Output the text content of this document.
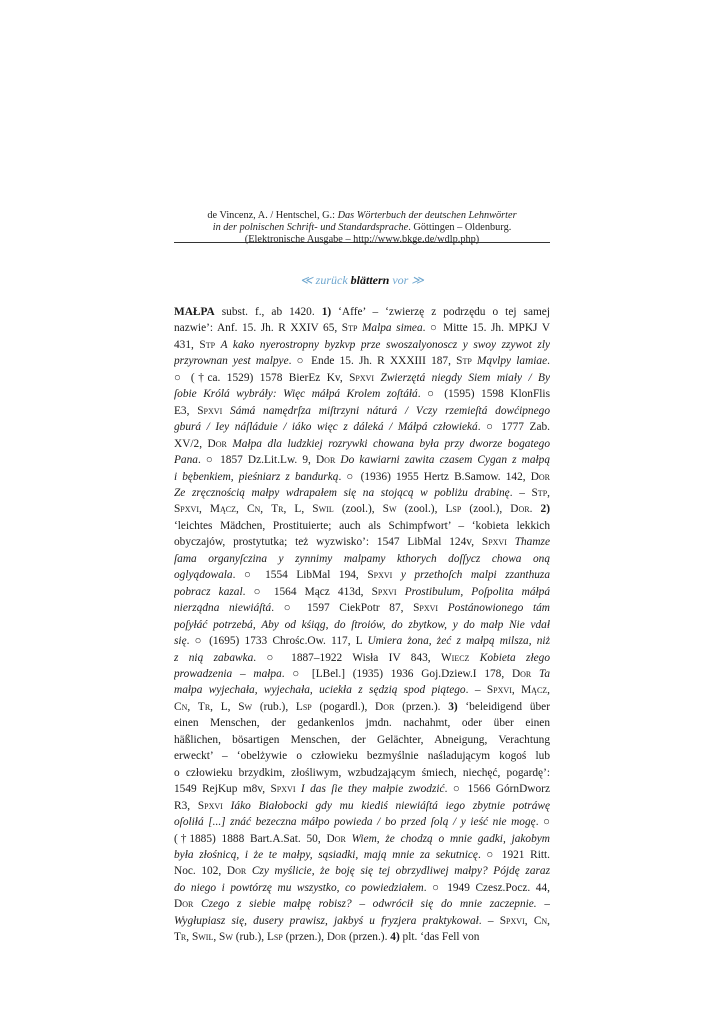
de Vincenz, A. / Hentschel, G.: Das Wörterbuch der deutschen Lehnwörter
in der polnischen Schrift- und Standardsprache. Göttingen – Oldenburg.
(Elektronische Ausgabe – http://www.bkge.de/wdlp.php)
≪ zurück blättern vor ≫
MAŁPA subst. f., ab 1420. 1) ‘Affe’ – ‘zwierzę z podrzędu o tej samej
nazwie’: Anf. 15. Jh. R XXIV 65, Stp Malpa simea. ○ Mitte 15. Jh. MPKJ V
431, Stp A kako nyerostropny byzkvp prze swoszalyonoscz y swoy zzywot zly
przyrownan yest malpye. ○ Ende 15. Jh. R XXXIII 187, Stp Mąvlpy lamiae.
○ (†ca. 1529) 1578 BierEz Kv, Spxvi Zwierzętá niegdy Siem miały / By
ſobie Królá wybráły: Więc máłpá Krolem zoſtáłá. ○ (1595) 1598 KlonFlis
E3, Spxvi Sámá namędrſza miſtrzyni náturá / Vczy rzemieſtá dowćipnego
gburá / Iey náſláduie / iáko więc z dáleká / Máłpá człowieká. ○ 1777 Zab.
XV/2, Dor Małpa dla ludzkiej rozrywki chowana była przy dworze bogatego
Pana. ○ 1857 Dz.Lit.Lw. 9, Dor Do kawiarni zawita czasem Cygan z małpą
i bębenkiem, pieśniarz z bandurką. ○ (1936) 1955 Hertz B.Samow. 142, Dor
Ze zręcznością małpy wdrapałem się na stojącą w pobliżu drabinę. – Stp,
Spxvi, Mącz, Cn, Tr, L, Swil (zool.), Sw (zool.), Lsp (zool.), Dor. 2)
‘leichtes Mädchen, Prostituierte; auch als Schimpfwort’ – ‘kobieta lekkich
obyczajów, prostytutka; też wyzwisko’: 1547 LibMal 124v, Spxvi Thamze
ſama organyſczina y zynnimy malpamy kthorych doſſycz chowa oną
oglyądowala. ○ 1554 LibMal 194, Spxvi y przethoſch malpi zzanthuza
pobracz kazal. ○ 1564 Mącz 413d, Spxvi Prostibulum, Poſpolita máłpá
nierządna niewiáſtá. ○ 1597 CiekPotr 87, Spxvi Postánowionego tám
poſyłáć potrzebá, Aby od kśiąg, do ſtroiów, do zbytkow, y do małp Nie vdał
się. ○ (1695) 1733 Chrośc.Ow. 117, L Umiera żona, żeć z małpą milsza, niż
z nią zabawka. ○ 1887–1922 Wisła IV 843, Wiecz Kobieta złego
prowadzenia – małpa. ○ [LBel.] (1935) 1936 Goj.Dziew.I 178, Dor Ta
małpa wyjechała, wyjechała, uciekła z sędzią spod piątego. – Spxvi, Mącz,
Cn, Tr, L, Sw (rub.), Lsp (pogardl.), Dor (przen.). 3) ‘beleidigend über
einen Menschen, der gedankenlos jmdn. nachahmt, oder über einen
häßlichen, bösartigen Menschen, der Gelächter, Abneigung, Verachtung
erweckt’ – ‘obelżywie o człowieku bezmyślnie naśladującym kogoś lub
o człowieku brzydkim, złośliwym, wzbudzającym śmiech, niechęć, pogardę’:
1549 RejKup m8v, Spxvi I das ſie they małpie zwodzić. ○ 1566 GórnDworz
R3, Spxvi Iáko Białobocki gdy mu kiediś niewiáſtá iego zbytnie potráwę
oſoliłá [...] znáć bezeczna máłpo powieda / bo przed ſolą / y ieść nie mogę. ○
(†1885) 1888 Bart.A.Sat. 50, Dor Wiem, że chodzą o mnie gadki, jakobym
była złośnicą, i że te małpy, sąsiadki, mają mnie za sekutnicę. ○ 1921 Ritt.
Noc. 102, Dor Czy myślicie, że boję się tej obrzydliwej małpy? Pójdę zaraz
do niego i powtórzę mu wszystko, co powiedziałem. ○ 1949 Czesz.Pocz. 44,
Dor Czego z siebie małpę robisz? – odwrócił się do mnie zaczepnie. –
Wygłupiasz się, dusery prawisz, jakbyś u fryzjera praktykował. – Spxvi, Cn,
Tr, Swil, Sw (rub.), Lsp (przen.), Dor (przen.). 4) plt. ‘das Fell von
